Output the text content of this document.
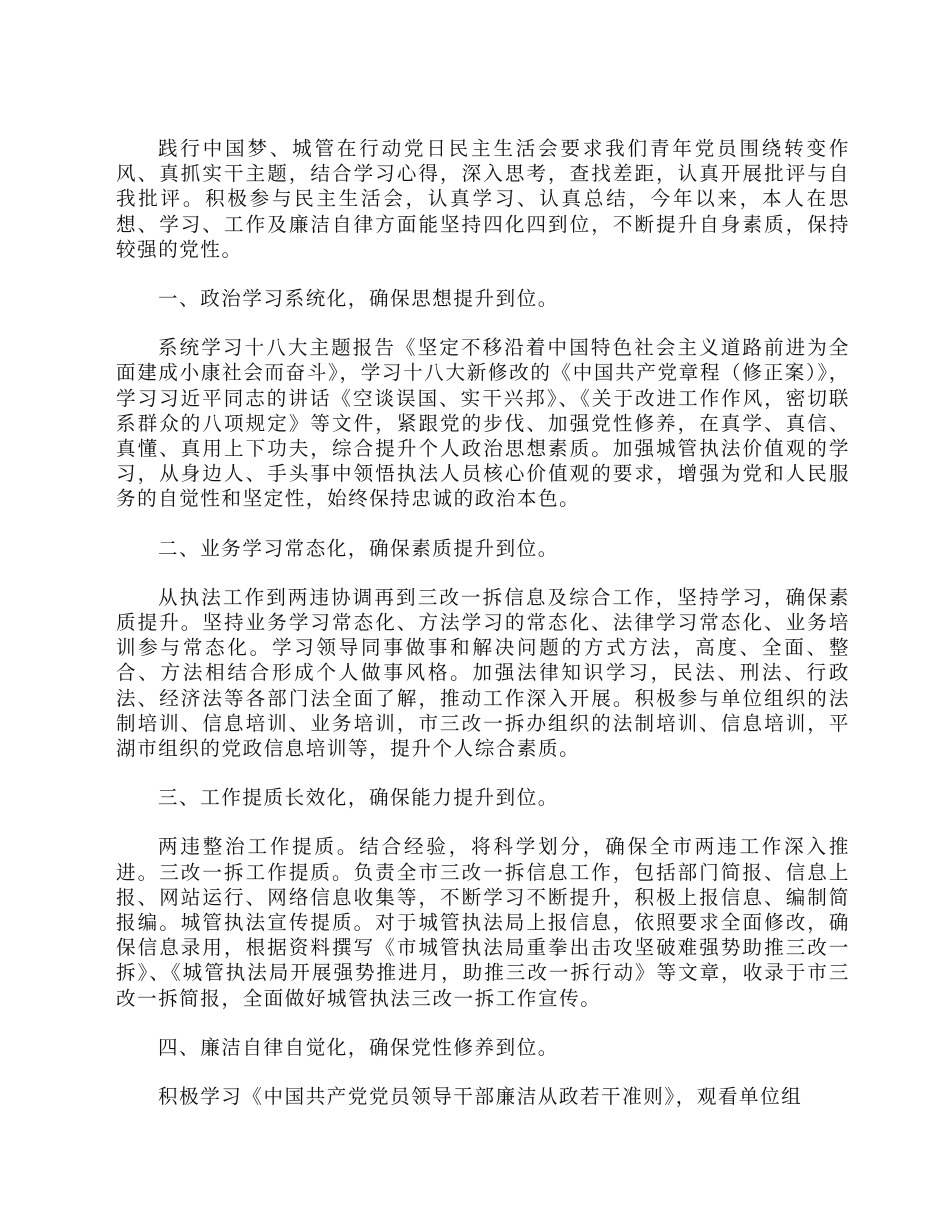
践行中国梦、城管在行动党日民主生活会要求我们青年党员围绕转变作风、真抓实干主题，结合学习心得，深入思考，查找差距，认真开展批评与自我批评。积极参与民主生活会，认真学习、认真总结，今年以来，本人在思想、学习、工作及廉洁自律方面能坚持四化四到位，不断提升自身素质，保持较强的党性。

一、政治学习系统化，确保思想提升到位。

系统学习十八大主题报告《坚定不移沿着中国特色社会主义道路前进为全面建成小康社会而奋斗》，学习十八大新修改的《中国共产党章程（修正案）》，学习习近平同志的讲话《空谈误国、实干兴邦》、《关于改进工作作风，密切联系群众的八项规定》等文件，紧跟党的步伐、加强党性修养，在真学、真信、真懂、真用上下功夫，综合提升个人政治思想素质。加强城管执法价值观的学习，从身边人、手头事中领悟执法人员核心价值观的要求，增强为党和人民服务的自觉性和坚定性，始终保持忠诚的政治本色。

二、业务学习常态化，确保素质提升到位。

从执法工作到两违协调再到三改一拆信息及综合工作，坚持学习，确保素质提升。坚持业务学习常态化、方法学习的常态化、法律学习常态化、业务培训参与常态化。学习领导同事做事和解决问题的方式方法，高度、全面、整合、方法相结合形成个人做事风格。加强法律知识学习，民法、刑法、行政法、经济法等各部门法全面了解，推动工作深入开展。积极参与单位组织的法制培训、信息培训、业务培训，市三改一拆办组织的法制培训、信息培训，平湖市组织的党政信息培训等，提升个人综合素质。

三、工作提质长效化，确保能力提升到位。

两违整治工作提质。结合经验，将科学划分，确保全市两违工作深入推进。三改一拆工作提质。负责全市三改一拆信息工作，包括部门简报、信息上报、网站运行、网络信息收集等，不断学习不断提升，积极上报信息、编制简报编。城管执法宣传提质。对于城管执法局上报信息，依照要求全面修改，确保信息录用，根据资料撰写《市城管执法局重拳出击攻坚破难强势助推三改一拆》、《城管执法局开展强势推进月，助推三改一拆行动》等文章，收录于市三改一拆简报，全面做好城管执法三改一拆工作宣传。

四、廉洁自律自觉化，确保党性修养到位。

积极学习《中国共产党党员领导干部廉洁从政若干准则》，观看单位组
